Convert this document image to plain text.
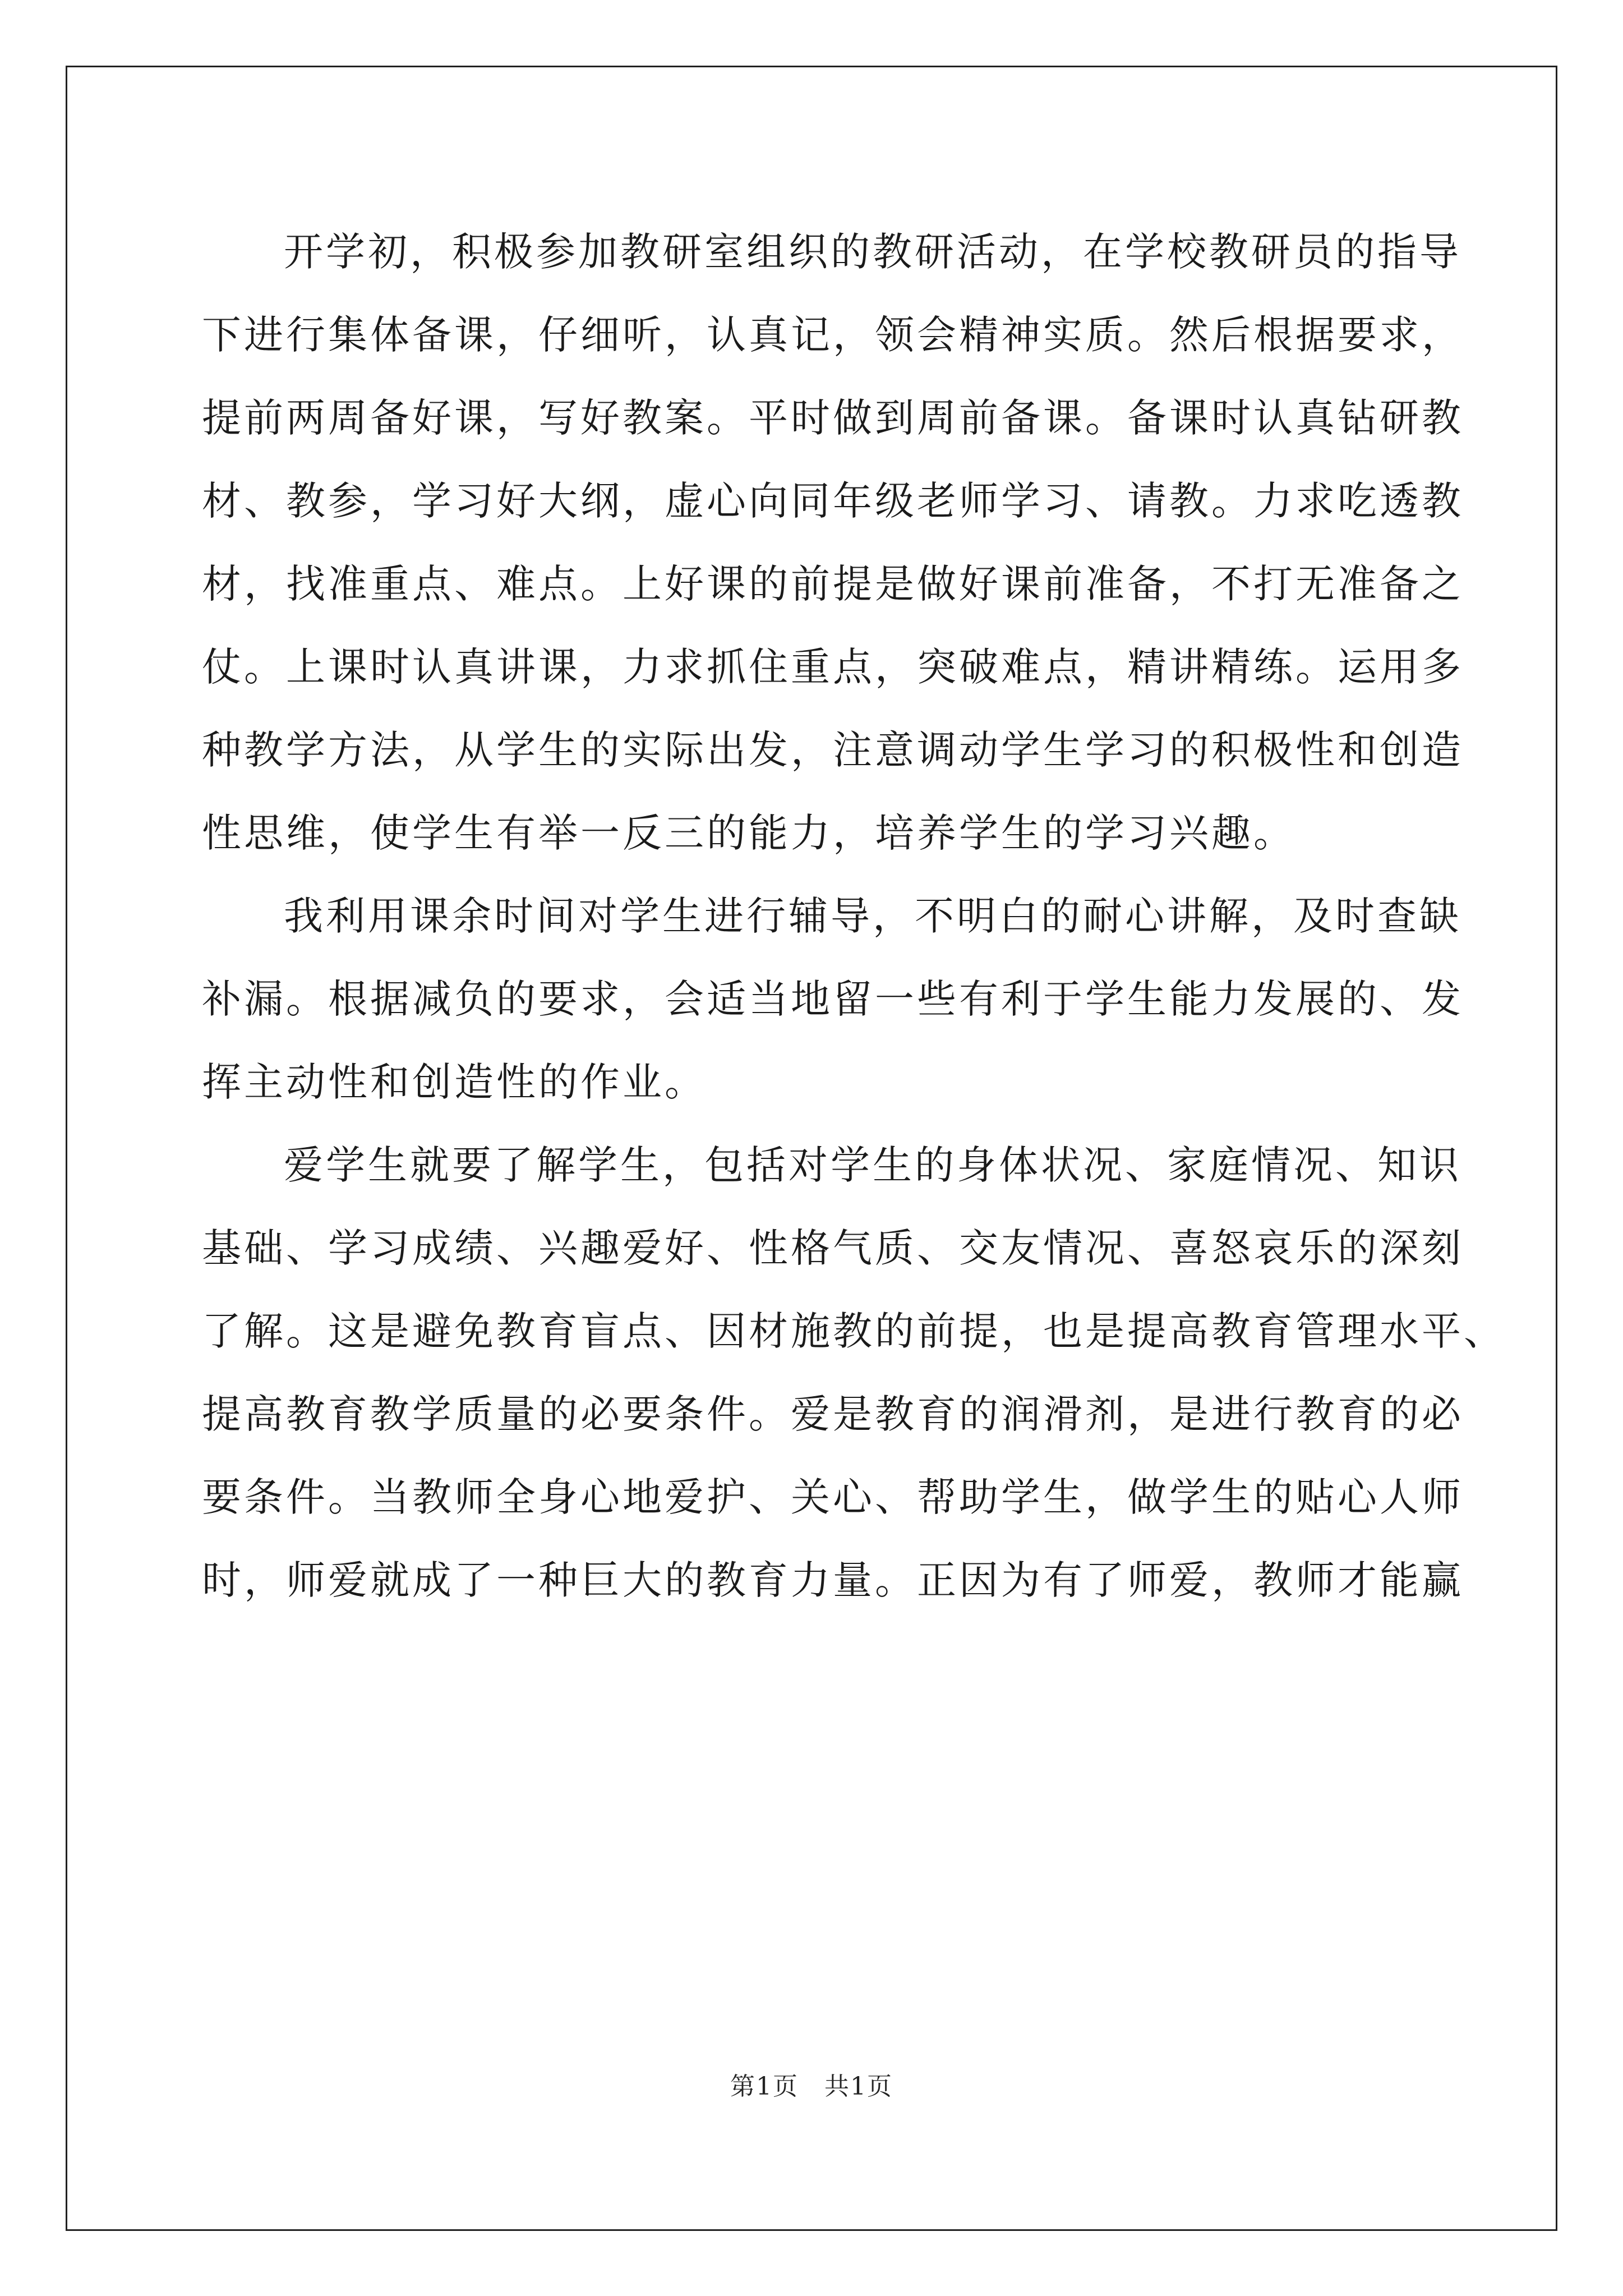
开学初，积极参加教研室组织的教研活动，在学校教研员的指导
下进行集体备课，仔细听，认真记，领会精神实质。然后根据要求，
提前两周备好课，写好教案。平时做到周前备课。备课时认真钻研教
材、教参，学习好大纲，虚心向同年级老师学习、请教。力求吃透教
材，找准重点、难点。上好课的前提是做好课前准备，不打无准备之
仗。上课时认真讲课，力求抓住重点，突破难点，精讲精练。运用多
种教学方法，从学生的实际出发，注意调动学生学习的积极性和创造
性思维，使学生有举一反三的能力，培养学生的学习兴趣。
我利用课余时间对学生进行辅导，不明白的耐心讲解，及时查缺
补漏。根据减负的要求，会适当地留一些有利于学生能力发展的、发
挥主动性和创造性的作业。
爱学生就要了解学生，包括对学生的身体状况、家庭情况、知识
基础、学习成绩、兴趣爱好、性格气质、交友情况、喜怒哀乐的深刻
了解。这是避免教育盲点、因材施教的前提，也是提高教育管理水平、
提高教育教学质量的必要条件。爱是教育的润滑剂，是进行教育的必
要条件。当教师全身心地爱护、关心、帮助学生，做学生的贴心人师
时，师爱就成了一种巨大的教育力量。正因为有了师爱，教师才能赢
第1页　共1页
